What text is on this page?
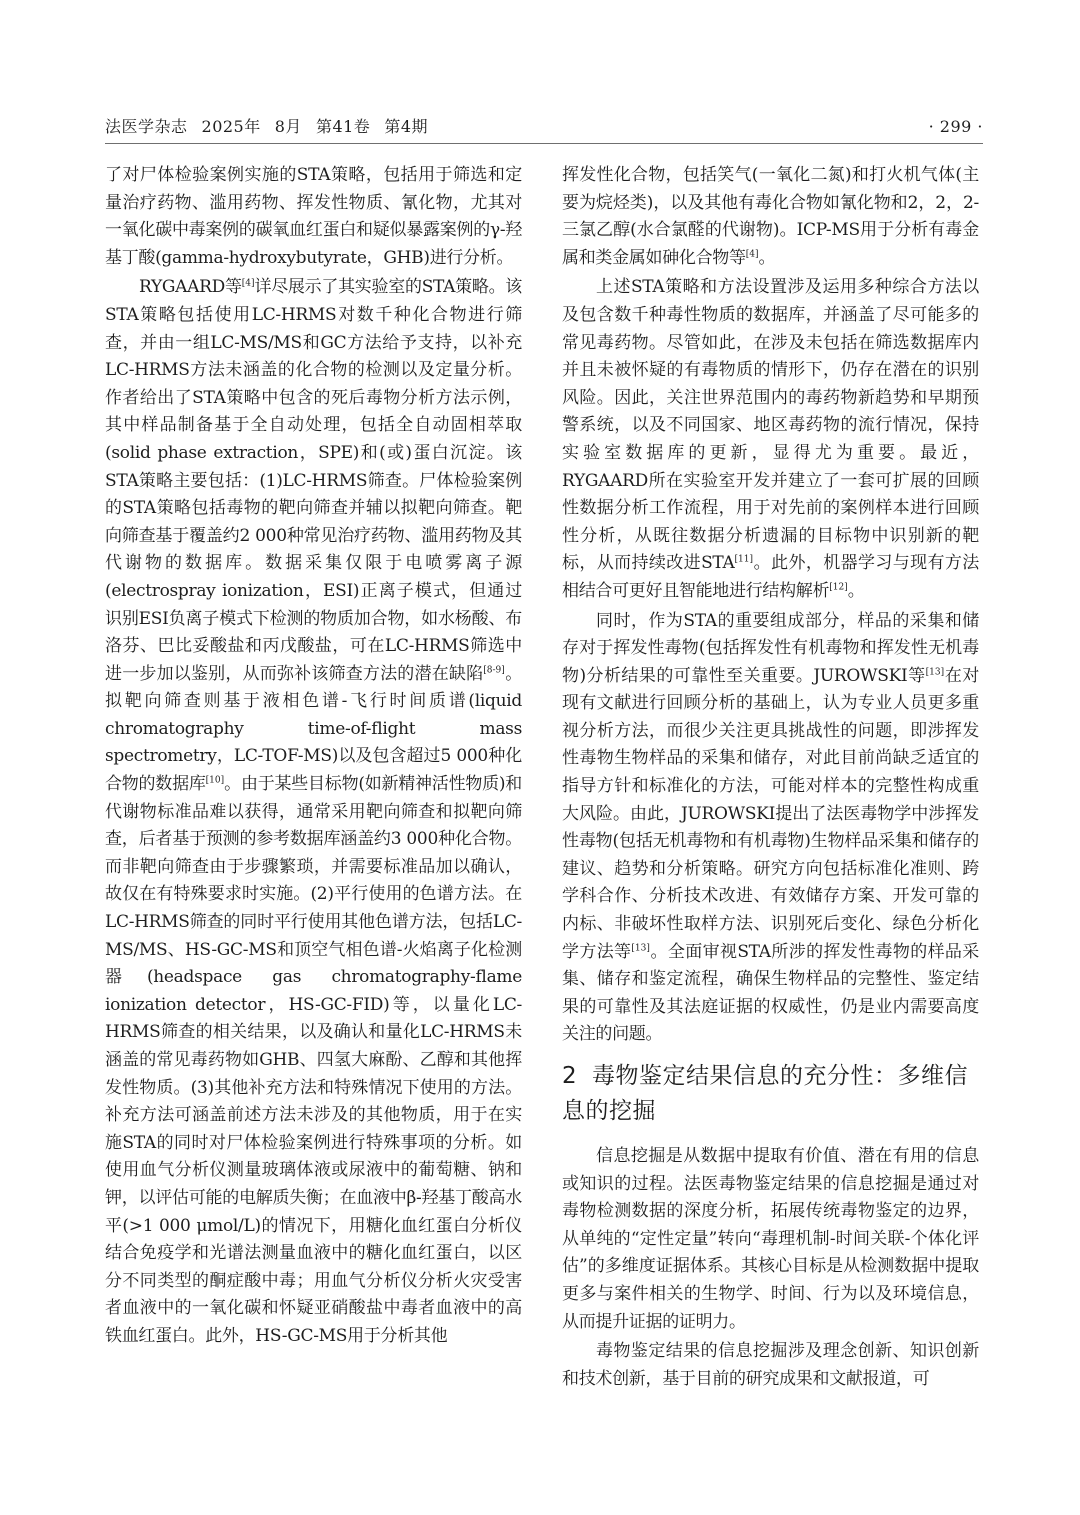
法医学杂志 2025年 8月 第41卷 第4期	· 299 ·

了对尸体检验案例实施的STA策略，包括用于筛选和定量治疗药物、滥用药物、挥发性物质、氰化物，尤其对一氧化碳中毒案例的碳氧血红蛋白和疑似暴露案例的γ-羟基丁酸(gamma-hydroxybutyrate，GHB)进行分析。

RYGAARD等[4]详尽展示了其实验室的STA策略。该STA策略包括使用LC-HRMS对数千种化合物进行筛查，并由一组LC-MS/MS和GC方法给予支持，以补充LC-HRMS方法未涵盖的化合物的检测以及定量分析。作者给出了STA策略中包含的死后毒物分析方法示例，其中样品制备基于全自动处理，包括全自动固相萃取(solid phase extraction，SPE)和(或)蛋白沉淀。该STA策略主要包括：(1)LC-HRMS筛查。尸体检验案例的STA策略包括毒物的靶向筛查并辅以拟靶向筛查。靶向筛查基于覆盖约2 000种常见治疗药物、滥用药物及其代谢物的数据库。数据采集仅限于电喷雾离子源(electrospray ionization，ESI)正离子模式，但通过识别ESI负离子模式下检测的物质加合物，如水杨酸、布洛芬、巴比妥酸盐和丙戊酸盐，可在LC-HRMS筛选中进一步加以鉴别，从而弥补该筛查方法的潜在缺陷[8-9]。拟靶向筛查则基于液相色谱-飞行时间质谱(liquid chromatography time-of-flight mass spectrometry，LC-TOF-MS)以及包含超过5 000种化合物的数据库[10]。由于某些目标物(如新精神活性物质)和代谢物标准品难以获得，通常采用靶向筛查和拟靶向筛查，后者基于预测的参考数据库涵盖约3 000种化合物。而非靶向筛查由于步骤繁琐，并需要标准品加以确认，故仅在有特殊要求时实施。(2)平行使用的色谱方法。在LC-HRMS筛查的同时平行使用其他色谱方法，包括LC-MS/MS、HS-GC-MS和顶空气相色谱-火焰离子化检测器(headspace gas chromatography-flame ionization detector，HS-GC-FID)等，以量化LC-HRMS筛查的相关结果，以及确认和量化LC-HRMS未涵盖的常见毒药物如GHB、四氢大麻酚、乙醇和其他挥发性物质。(3)其他补充方法和特殊情况下使用的方法。补充方法可涵盖前述方法未涉及的其他物质，用于在实施STA的同时对尸体检验案例进行特殊事项的分析。如使用血气分析仪测量玻璃体液或尿液中的葡萄糖、钠和钾，以评估可能的电解质失衡；在血液中β-羟基丁酸高水平(>1 000 μmol/L)的情况下，用糖化血红蛋白分析仪结合免疫学和光谱法测量血液中的糖化血红蛋白，以区分不同类型的酮症酸中毒；用血气分析仪分析火灾受害者血液中的一氧化碳和怀疑亚硝酸盐中毒者血液中的高铁血红蛋白。此外，HS-GC-MS用于分析其他

挥发性化合物，包括笑气(一氧化二氮)和打火机气体(主要为烷烃类)，以及其他有毒化合物如氰化物和2，2，2-三氯乙醇(水合氯醛的代谢物)。ICP-MS用于分析有毒金属和类金属如砷化合物等[4]。

上述STA策略和方法设置涉及运用多种综合方法以及包含数千种毒性物质的数据库，并涵盖了尽可能多的常见毒药物。尽管如此，在涉及未包括在筛选数据库内并且未被怀疑的有毒物质的情形下，仍存在潜在的识别风险。因此，关注世界范围内的毒药物新趋势和早期预警系统，以及不同国家、地区毒药物的流行情况，保持实验室数据库的更新，显得尤为重要。最近，RYGAARD所在实验室开发并建立了一套可扩展的回顾性数据分析工作流程，用于对先前的案例样本进行回顾性分析，从既往数据分析遗漏的目标物中识别新的靶标，从而持续改进STA[11]。此外，机器学习与现有方法相结合可更好且智能地进行结构解析[12]。

同时，作为STA的重要组成部分，样品的采集和储存对于挥发性毒物(包括挥发性有机毒物和挥发性无机毒物)分析结果的可靠性至关重要。JUROWSKI等[13]在对现有文献进行回顾分析的基础上，认为专业人员更多重视分析方法，而很少关注更具挑战性的问题，即涉挥发性毒物生物样品的采集和储存，对此目前尚缺乏适宜的指导方针和标准化的方法，可能对样本的完整性构成重大风险。由此，JUROWSKI提出了法医毒物学中涉挥发性毒物(包括无机毒物和有机毒物)生物样品采集和储存的建议、趋势和分析策略。研究方向包括标准化准则、跨学科合作、分析技术改进、有效储存方案、开发可靠的内标、非破坏性取样方法、识别死后变化、绿色分析化学方法等[13]。全面审视STA所涉的挥发性毒物的样品采集、储存和鉴定流程，确保生物样品的完整性、鉴定结果的可靠性及其法庭证据的权威性，仍是业内需要高度关注的问题。

2 毒物鉴定结果信息的充分性：多维信息的挖掘

信息挖掘是从数据中提取有价值、潜在有用的信息或知识的过程。法医毒物鉴定结果的信息挖掘是通过对毒物检测数据的深度分析，拓展传统毒物鉴定的边界，从单纯的“定性定量”转向“毒理机制-时间关联-个体化评估”的多维度证据体系。其核心目标是从检测数据中提取更多与案件相关的生物学、时间、行为以及环境信息，从而提升证据的证明力。

毒物鉴定结果的信息挖掘涉及理念创新、知识创新和技术创新，基于目前的研究成果和文献报道，可
